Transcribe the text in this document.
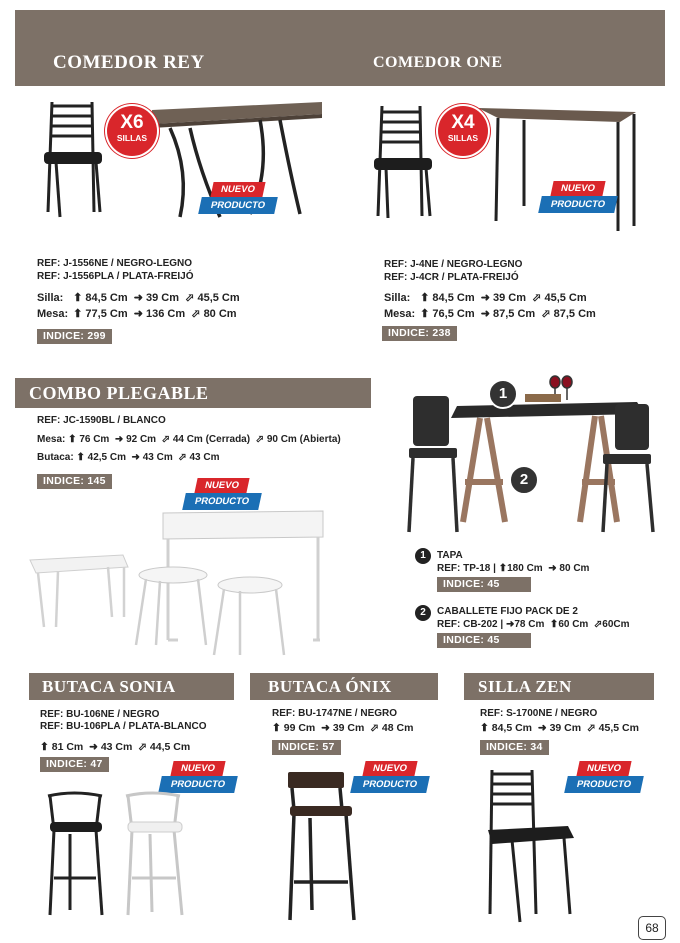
COMEDOR REY	COMEDOR ONE
X6
SILLAS
NUEVO
PRODUCTO
REF: J-1556NE / NEGRO-LEGNO
REF: J-1556PLA / PLATA-FREIJÓ
Silla:  ⬆ 84,5 Cm  ➜ 39 Cm  ⬀ 45,5 Cm
Mesa:  ⬆ 77,5 Cm  ➜ 136 Cm  ⬀ 80 Cm
INDICE: 299
X4
SILLAS
NUEVO
PRODUCTO
REF: J-4NE / NEGRO-LEGNO
REF: J-4CR / PLATA-FREIJÓ
Silla:  ⬆ 84,5 Cm  ➜ 39 Cm  ⬀ 45,5 Cm
Mesa:  ⬆ 76,5 Cm  ➜ 87,5 Cm  ⬀ 87,5 Cm
INDICE: 238
COMBO PLEGABLE
REF: JC-1590BL / BLANCO
Mesa: ⬆ 76 Cm  ➜ 92 Cm  ⬀ 44 Cm (Cerrada)  ⬀ 90 Cm (Abierta)
Butaca: ⬆ 42,5 Cm  ➜ 43 Cm  ⬀ 43 Cm
INDICE: 145	NUEVO
PRODUCTO
1
2
1	TAPA
REF: TP-18 | ⬆180 Cm  ➜ 80 Cm
INDICE: 45
2	CABALLETE FIJO PACK DE 2
REF: CB-202 | ➜78 Cm  ⬆60 Cm  ⬀60Cm
INDICE: 45
BUTACA SONIA
REF: BU-106NE / NEGRO
REF: BU-106PLA / PLATA-BLANCO
⬆ 81 Cm  ➜ 43 Cm  ⬀ 44,5 Cm
INDICE: 47	NUEVO
PRODUCTO
BUTACA ÓNIX
REF: BU-1747NE / NEGRO
⬆ 99 Cm  ➜ 39 Cm  ⬀ 48 Cm
INDICE: 57
NUEVO
PRODUCTO
SILLA ZEN
REF: S-1700NE / NEGRO
⬆ 84,5 Cm  ➜ 39 Cm  ⬀ 45,5 Cm
INDICE: 34
NUEVO
PRODUCTO
68
